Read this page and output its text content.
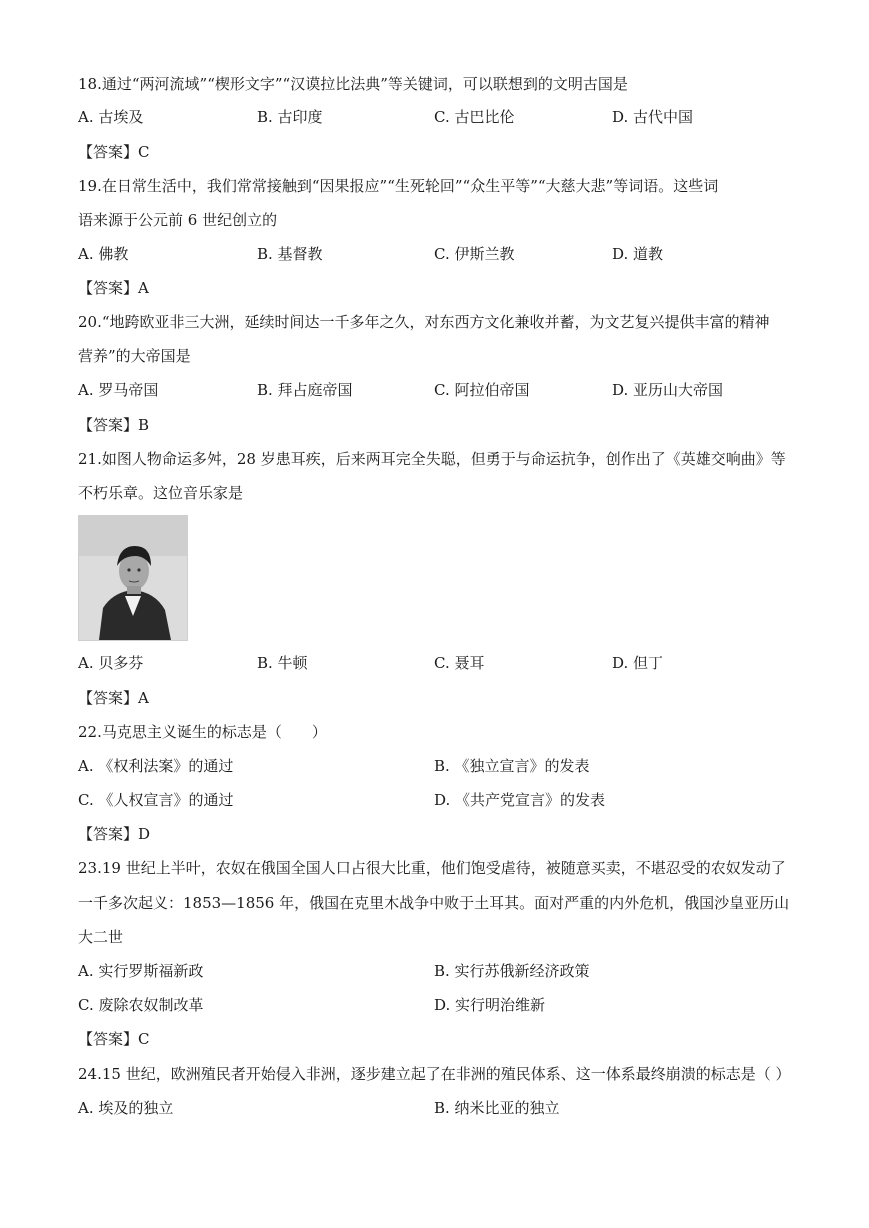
18.通过“两河流域”“楔形文字”“汉谟拉比法典”等关键词，可以联想到的文明古国是
A. 古埃及	B. 古印度	C. 古巴比伦	D. 古代中国
【答案】C
19.在日常生活中，我们常常接触到“因果报应”“生死轮回”“众生平等”“大慈大悲”等词语。这些词
语来源于公元前 6 世纪创立的
A. 佛教	B. 基督教	C. 伊斯兰教	D. 道教
【答案】A
20.“地跨欧亚非三大洲，延续时间达一千多年之久，对东西方文化兼收并蓄，为文艺复兴提供丰富的精神
营养”的大帝国是
A. 罗马帝国	B. 拜占庭帝国	C. 阿拉伯帝国	D. 亚历山大帝国
【答案】B
21.如图人物命运多舛，28 岁患耳疾，后来两耳完全失聪，但勇于与命运抗争，创作出了《英雄交响曲》等
不朽乐章。这位音乐家是
A. 贝多芬	B. 牛顿	C. 聂耳	D. 但丁
【答案】A
22.马克思主义诞生的标志是（　　）
A. 《权利法案》的通过	B. 《独立宣言》的发表
C. 《人权宣言》的通过	D. 《共产党宣言》的发表
【答案】D
23.19 世纪上半叶，农奴在俄国全国人口占很大比重，他们饱受虐待，被随意买卖，不堪忍受的农奴发动了
一千多次起义：1853—1856 年，俄国在克里木战争中败于土耳其。面对严重的内外危机，俄国沙皇亚历山
大二世
A. 实行罗斯福新政	B. 实行苏俄新经济政策
C. 废除农奴制改革	D. 实行明治维新
【答案】C
24.15 世纪，欧洲殖民者开始侵入非洲，逐步建立起了在非洲的殖民体系、这一体系最终崩溃的标志是（ ）
A. 埃及的独立	B. 纳米比亚的独立
